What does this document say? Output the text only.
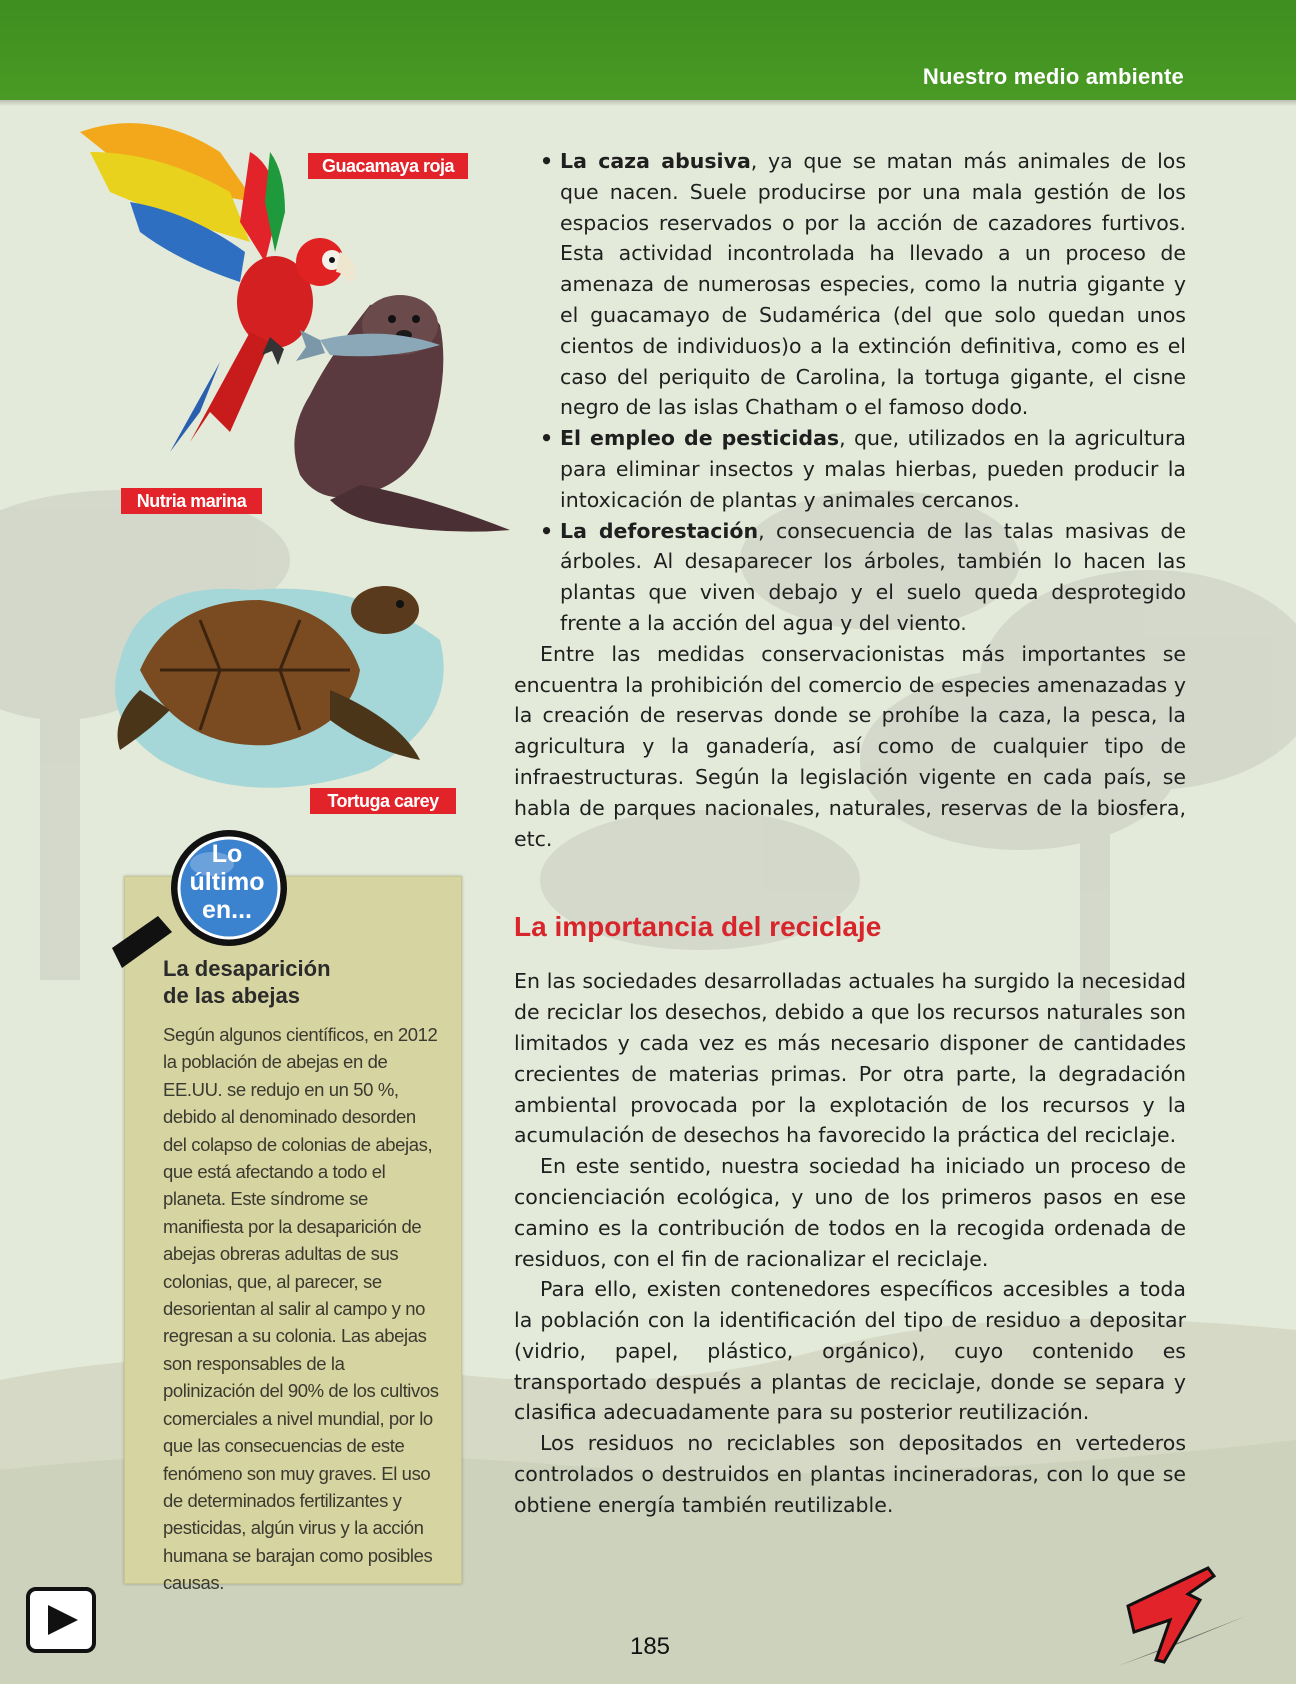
Nuestro medio ambiente
Guacamaya roja
Nutria marina
Tortuga carey
• La caza abusiva, ya que se matan más animales de los que nacen. Suele producirse por una mala gestión de los espacios reservados o por la acción de cazadores furtivos. Esta actividad incontrolada ha llevado a un proceso de amenaza de numerosas especies, como la nutria gigante y el guacamayo de Sudamérica (del que solo quedan unos cientos de individuos)o a la extinción definitiva, como es el caso del periquito de Carolina, la tortuga gigante, el cisne negro de las islas Chatham o el famoso dodo.
• El empleo de pesticidas, que, utilizados en la agricultura para eliminar insectos y malas hierbas, pueden producir la intoxicación de plantas y animales cercanos.
• La deforestación, consecuencia de las talas masivas de árboles. Al desaparecer los árboles, también lo hacen las plantas que viven debajo y el suelo queda desprotegido frente a la acción del agua y del viento.

Entre las medidas conservacionistas más importantes se encuentra la prohibición del comercio de especies amenazadas y la creación de reservas donde se prohíbe la caza, la pesca, la agricultura y la ganadería, así como de cualquier tipo de infraestructuras. Según la legislación vigente en cada país, se habla de parques nacionales, naturales, reservas de la biosfera, etc.

La importancia del reciclaje

En las sociedades desarrolladas actuales ha surgido la necesidad de reciclar los desechos, debido a que los recursos naturales son limitados y cada vez es más necesario disponer de cantidades crecientes de materias primas. Por otra parte, la degradación ambiental provocada por la explotación de los recursos y la acumulación de desechos ha favorecido la práctica del reciclaje.

En este sentido, nuestra sociedad ha iniciado un proceso de concienciación ecológica, y uno de los primeros pasos en ese camino es la contribución de todos en la recogida ordenada de residuos, con el fin de racionalizar el reciclaje.

Para ello, existen contenedores específicos accesibles a toda la población con la identificación del tipo de residuo a depositar (vidrio, papel, plástico, orgánico), cuyo contenido es transportado después a plantas de reciclaje, donde se separa y clasifica adecuadamente para su posterior reutilización.

Los residuos no reciclables son depositados en vertederos controlados o destruidos en plantas incineradoras, con lo que se obtiene energía también reutilizable.

La desaparición
de las abejas
Según algunos científicos, en 2012 la población de abejas en de EE.UU. se redujo en un 50 %, debido al denominado desorden del colapso de colonias de abejas, que está afectando a todo el planeta. Este síndrome se manifiesta por la desaparición de abejas obreras adultas de sus colonias, que, al parecer, se desorientan al salir al campo y no regresan a su colonia. Las abejas son responsables de la polinización del 90% de los cultivos comerciales a nivel mundial, por lo que las consecuencias de este fenómeno son muy graves. El uso de determinados fertilizantes y pesticidas, algún virus y la acción humana se barajan como posibles causas.
Lo
último
en...
185
